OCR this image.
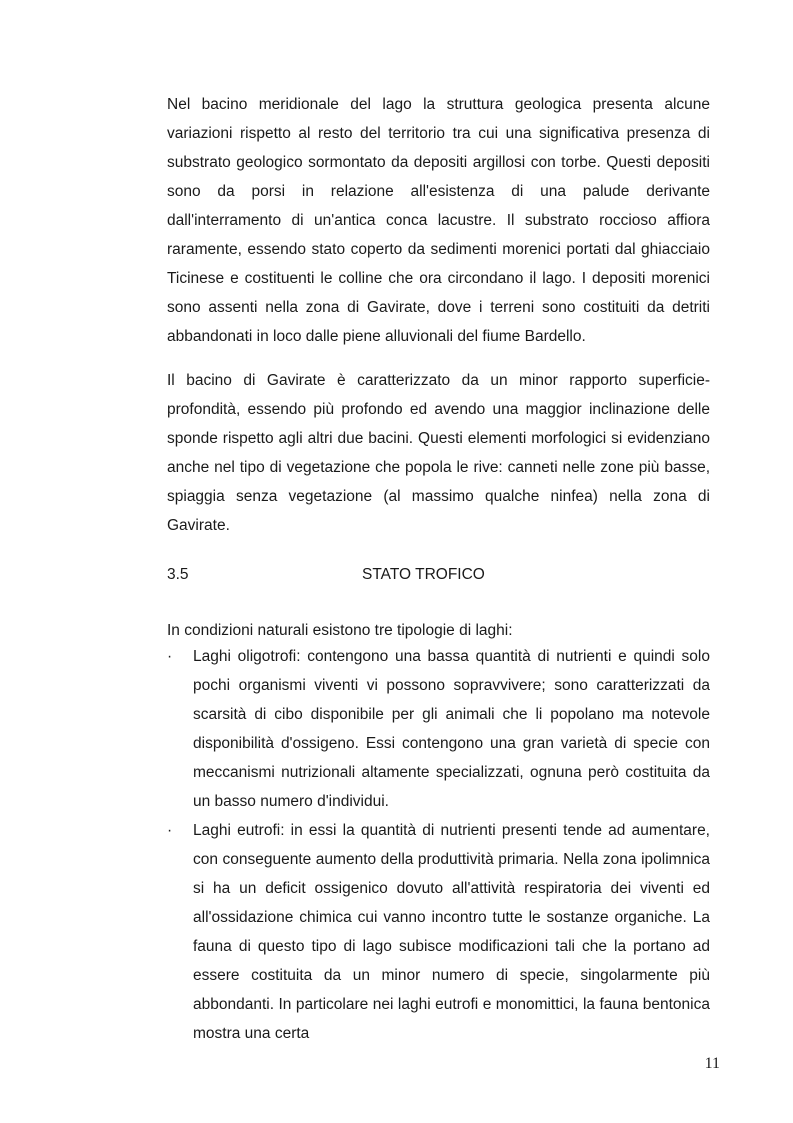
Nel bacino meridionale del lago la struttura geologica presenta alcune variazioni rispetto al resto del territorio tra cui una significativa presenza di substrato geologico sormontato da depositi argillosi con torbe. Questi depositi sono da porsi in relazione all'esistenza di una palude derivante dall'interramento di un'antica conca lacustre. Il substrato roccioso affiora raramente, essendo stato coperto da sedimenti morenici portati dal ghiacciaio Ticinese e costituenti le colline che ora circondano il lago. I depositi morenici sono assenti nella zona di Gavirate, dove i terreni sono costituiti da detriti abbandonati in loco dalle piene alluvionali del fiume Bardello.

Il bacino di Gavirate è caratterizzato da un minor rapporto superficie-profondità, essendo più profondo ed avendo una maggior inclinazione delle sponde rispetto agli altri due bacini. Questi elementi morfologici si evidenziano anche nel tipo di vegetazione che popola le rive: canneti nelle zone più basse, spiaggia senza vegetazione (al massimo qualche ninfea) nella zona di Gavirate.

3.5	STATO TROFICO
In condizioni naturali esistono tre tipologie di laghi:
· Laghi oligotrofi: contengono una bassa quantità di nutrienti e quindi solo pochi organismi viventi vi possono sopravvivere; sono caratterizzati da scarsità di cibo disponibile per gli animali che li popolano ma notevole disponibilità d'ossigeno. Essi contengono una gran varietà di specie con meccanismi nutrizionali altamente specializzati, ognuna però costituita da un basso numero d'individui.
· Laghi eutrofi: in essi la quantità di nutrienti presenti tende ad aumentare, con conseguente aumento della produttività primaria. Nella zona ipolimnica si ha un deficit ossigenico dovuto all'attività respiratoria dei viventi ed all'ossidazione chimica cui vanno incontro tutte le sostanze organiche. La fauna di questo tipo di lago subisce modificazioni tali che la portano ad essere costituita da un minor numero di specie, singolarmente più abbondanti. In particolare nei laghi eutrofi e monomittici, la fauna bentonica mostra una certa
11
